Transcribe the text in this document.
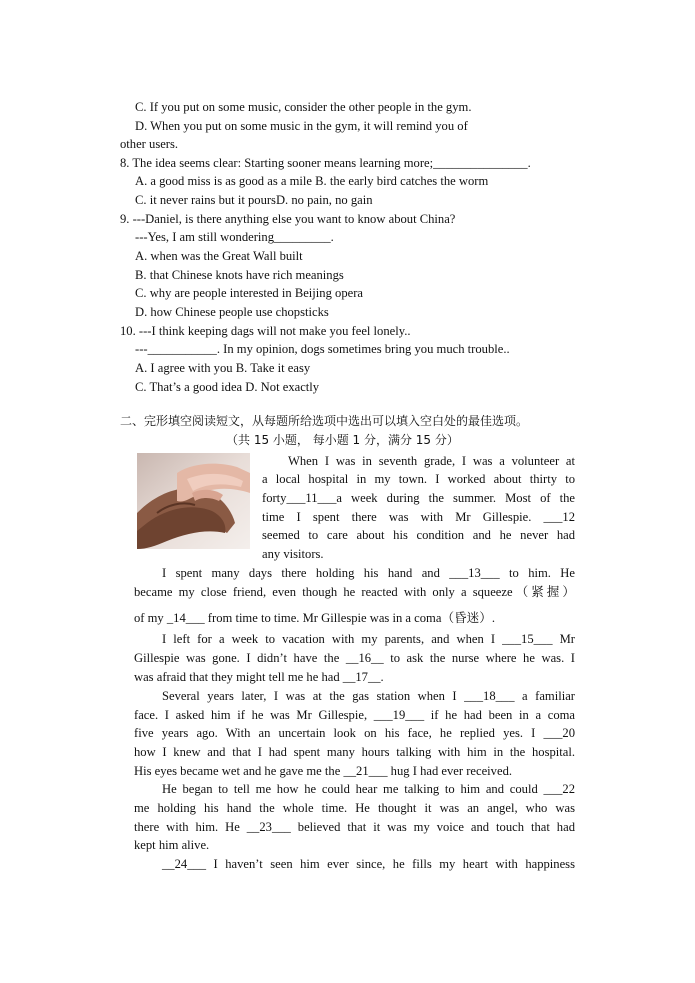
C. If you put on some music, consider the other people in the gym.
D. When you put on some music in the gym, it will remind you of
other users.
8. The idea seems clear: Starting sooner means learning more;_______________.
A. a good miss is as good as a mile B. the early bird catches the worm
C. it never rains but it poursD. no pain, no gain
9. ---Daniel, is there anything else you want to know about China?
---Yes, I am still wondering_________.
A. when was the Great Wall built
B. that Chinese knots have rich meanings
C. why are people interested in Beijing opera
D. how Chinese people use chopsticks
10. ---I think keeping dags will not make you feel lonely..
---___________. In my opinion, dogs sometimes bring you much trouble..
A. I agree with you B. Take it easy
C. That’s a good idea D. Not exactly
二、完形填空阅读短文，从每题所给选项中选出可以填入空白处的最佳选项。
（共 15 小题， 每小题 1 分，满分 15 分）
When I was in seventh grade, I was a volunteer at
a local hospital in my town. I worked about thirty to
forty___11___a week during the summer. Most of the
time I spent there was with Mr Gillespie. ___12
seemed to care about his condition and he never had
any visitors.
I spent many days there holding his hand and ___13___ to him. He
became my close friend, even though he reacted with only a squeeze（紧握）
of my _14___ from time to time. Mr Gillespie was in a coma（昏迷）.
I left for a week to vacation with my parents, and when I ___15___ Mr
Gillespie was gone. I didn’t have the __16__ to ask the nurse where he was. I
was afraid that they might tell me he had __17__.
Several years later, I was at the gas station when I ___18___ a familiar
face. I asked him if he was Mr Gillespie, ___19___ if he had been in a coma
five years ago. With an uncertain look on his face, he replied yes. I ___20
how I knew and that I had spent many hours talking with him in the hospital.
His eyes became wet and he gave me the __21___ hug I had ever received.
He began to tell me how he could hear me talking to him and could ___22
me holding his hand the whole time. He thought it was an angel, who was
there with him. He __23___ believed that it was my voice and touch that had
kept him alive.
__24___ I haven’t seen him ever since, he fills my heart with happiness
